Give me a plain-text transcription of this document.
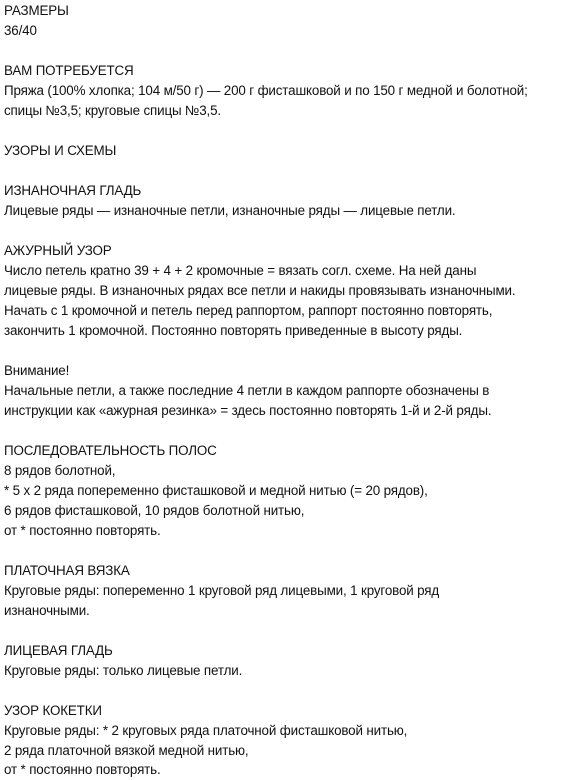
РАЗМЕРЫ
36/40
ВАМ ПОТРЕБУЕТСЯ
Пряжа (100% хлопка; 104 м/50 г) — 200 г фисташковой и по 150 г медной и болотной;
спицы №3,5; круговые спицы №3,5.
УЗОРЫ И СХЕМЫ
ИЗНАНОЧНАЯ ГЛАДЬ
Лицевые ряды — изнаночные петли, изнаночные ряды — лицевые петли.
АЖУРНЫЙ УЗОР
Число петель кратно 39 + 4 + 2 кромочные = вязать согл. схеме. На ней даны
лицевые ряды. В изнаночных рядах все петли и накиды провязывать изнаночными.
Начать с 1 кромочной и петель перед раппортом, раппорт постоянно повторять,
закончить 1 кромочной. Постоянно повторять приведенные в высоту ряды.
Внимание!
Начальные петли, а также последние 4 петли в каждом раппорте обозначены в
инструкции как «ажурная резинка» = здесь постоянно повторять 1-й и 2-й ряды.
ПОСЛЕДОВАТЕЛЬНОСТЬ ПОЛОС
8 рядов болотной,
* 5 х 2 ряда попеременно фисташковой и медной нитью (= 20 рядов),
6 рядов фисташковой, 10 рядов болотной нитью,
от * постоянно повторять.
ПЛАТОЧНАЯ ВЯЗКА
Круговые ряды: попеременно 1 круговой ряд лицевыми, 1 круговой ряд
изнаночными.
ЛИЦЕВАЯ ГЛАДЬ
Круговые ряды: только лицевые петли.
УЗОР КОКЕТКИ
Круговые ряды: * 2 круговых ряда платочной фисташковой нитью,
2 ряда платочной вязкой медной нитью,
от * постоянно повторять.
